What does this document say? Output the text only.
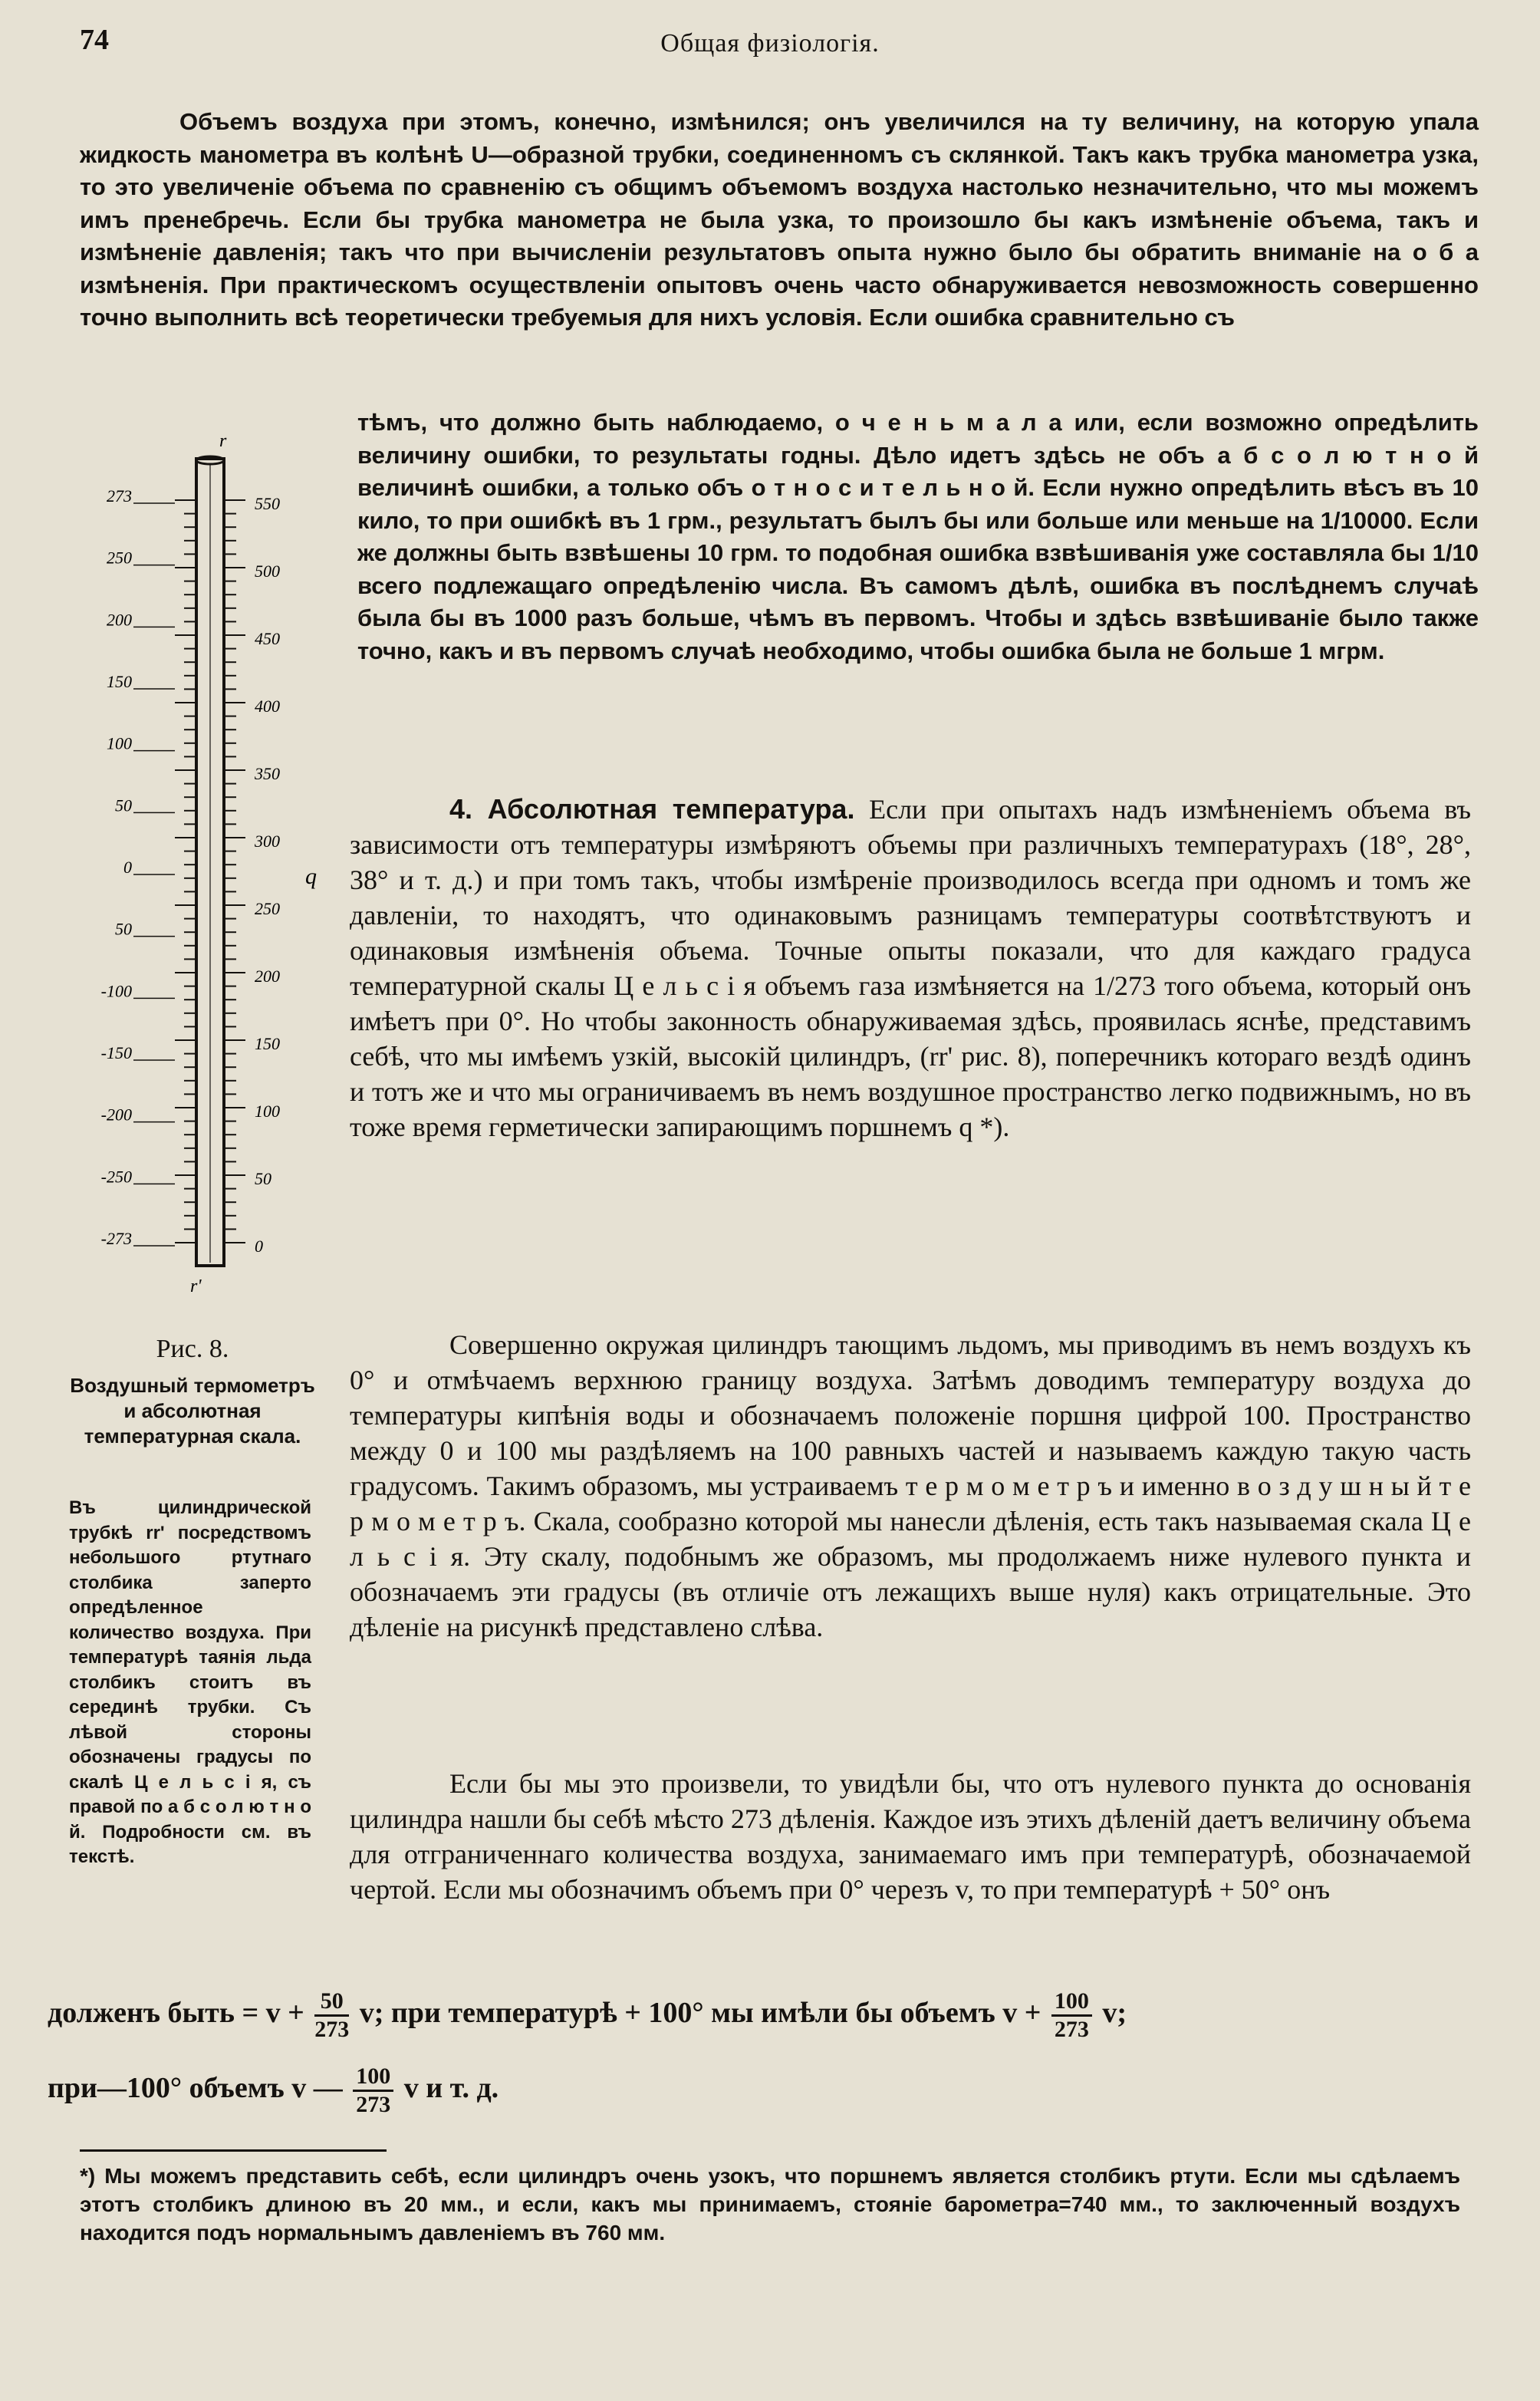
74	Общая физiологiя.

Объемъ воздуха при этомъ, конечно, измѣнился; онъ увеличился на ту величину, на которую упала жидкость манометра въ колѣнѣ U—образной трубки, соединенномъ съ склянкой. Такъ какъ трубка манометра узка, то это увеличенiе объема по сравненiю съ общимъ объемомъ воздуха настолько незначительно, что мы можемъ имъ пренебречь. Если бы трубка манометра не была узка, то произошло бы какъ измѣненiе объема, такъ и измѣненiе давленiя; такъ что при вычисленiи результатовъ опыта нужно было бы обратить вниманiе на о б а измѣненiя. При практическомъ осуществленiи опытовъ очень часто обнаруживается невозможность совершенно точно выполнить всѣ теоретически требуемыя для нихъ условiя. Если ошибка сравнительно съ

тѣмъ, что должно быть наблюдаемо, о ч е н ь м а л а или, если возможно опредѣлить величину ошибки, то результаты годны. Дѣло идетъ здѣсь не объ а б с о л ю т н о й величинѣ ошибки, а только объ о т н о с и т е л ь н о й. Если нужно опредѣлить вѣсъ въ 10 кило, то при ошибкѣ въ 1 грм., результатъ былъ бы или больше или меньше на 1/10000. Если же должны быть взвѣшены 10 грм. то подобная ошибка взвѣшиванiя уже составляла бы 1/10 всего подлежащаго опредѣленiю числа. Въ самомъ дѣлѣ, ошибка въ послѣднемъ случаѣ была бы въ 1000 разъ больше, чѣмъ въ первомъ. Чтобы и здѣсь взвѣшиванiе было также точно, какъ и въ первомъ случаѣ необходимо, чтобы ошибка была не больше 1 мгрм.

4. Абсолютная температура. Если при опытахъ надъ измѣненiемъ объема въ зависимости отъ температуры измѣряютъ объемы при различныхъ температурахъ (18°, 28°, 38° и т. д.) и при томъ такъ, чтобы измѣренiе производилось всегда при одномъ и томъ же давленiи, то находятъ, что одинаковымъ разницамъ температуры соотвѣтствуютъ и одинаковыя измѣненiя объема. Точные опыты показали, что для каждаго градуса температурной скалы Ц е л ь с i я объемъ газа измѣняется на 1/273 того объема, который онъ имѣетъ при 0°. Но чтобы законность обнаруживаемая здѣсь, проявилась яснѣе, представимъ себѣ, что мы имѣемъ узкiй, высокiй цилиндръ, (rr' рис. 8), поперечникъ котораго вездѣ одинъ и тотъ же и что мы ограничиваемъ въ немъ воздушное пространство легко подвижнымъ, но въ тоже время герметически запирающимъ поршнемъ q *).

Совершенно окружая цилиндръ тающимъ льдомъ, мы приводимъ въ немъ воздухъ къ 0° и отмѣчаемъ верхнюю границу воздуха. Затѣмъ доводимъ температуру воздуха до температуры кипѣнiя воды и обозначаемъ положенiе поршня цифрой 100. Пространство между 0 и 100 мы раздѣляемъ на 100 равныхъ частей и называемъ каждую такую часть градусомъ. Такимъ образомъ, мы устраиваемъ т е р м о м е т р ъ и именно в о з д у ш н ы й т е р м о м е т р ъ. Скала, сообразно которой мы нанесли дѣленiя, есть такъ называемая скала Ц е л ь с i я. Эту скалу, подобнымъ же образомъ, мы продолжаемъ ниже нулевого пункта и обозначаемъ эти градусы (въ отличiе отъ лежащихъ выше нуля) какъ отрицательные. Это дѣленiе на рисункѣ представлено слѣва.

Если бы мы это произвели, то увидѣли бы, что отъ нулевого пункта до основанiя цилиндра нашли бы себѣ мѣсто 273 дѣленiя. Каждое изъ этихъ дѣленiй даетъ величину объема для отграниченнаго количества воздуха, занимаемаго имъ при температурѣ, обозначаемой чертой. Если мы обозначимъ объемъ при 0° черезъ v, то при температурѣ + 50° онъ

долженъ быть = $v + \frac{50}{273} v$; при температурѣ + 100° мы имѣли бы объемъ $v + \frac{100}{273} v$;
при—100° объемъ v — $\frac{100}{273}$ v и т. д.
r
273
250
200
150
100
50
0
50
-100
-150
-200
-250
-273
550
500
450
400
350
300
250
200
150
100
50
0
q
r'
Рис. 8.
Воздушный термометръ и абсолютная температурная скала.
Въ цилиндрической трубкѣ rr' посредствомъ небольшого ртутнаго столбика заперто опредѣленное количество воздуха. При температурѣ таянiя льда столбикъ стоитъ въ серединѣ трубки. Съ лѣвой стороны обозначены градусы по скалѣ Ц е л ь с i я, съ правой по а б с о л ю т н о й. Подробности см. въ текстѣ.
*) Мы можемъ представить себѣ, если цилиндръ очень узокъ, что поршнемъ является столбикъ ртути. Если мы сдѣлаемъ этотъ столбикъ длиною въ 20 мм., и если, какъ мы принимаемъ, стоянiе барометра=740 мм., то заключенный воздухъ находится подъ нормальнымъ давленiемъ въ 760 мм.
